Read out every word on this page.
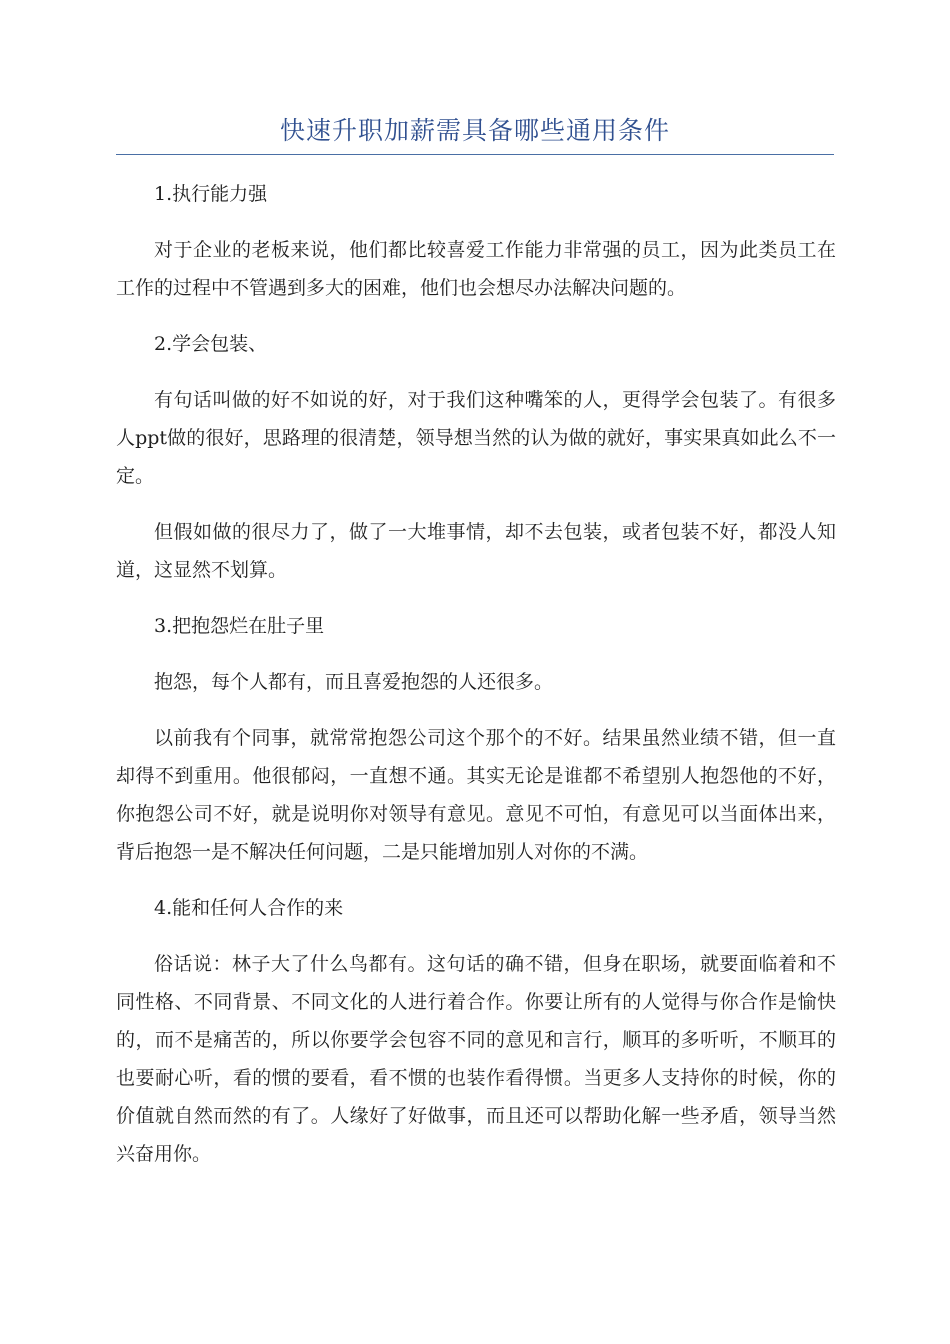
快速升职加薪需具备哪些通用条件

1.执行能力强

对于企业的老板来说，他们都比较喜爱工作能力非常强的员工，因为此类员工在工作的过程中不管遇到多大的困难，他们也会想尽办法解决问题的。

2.学会包装、

有句话叫做的好不如说的好，对于我们这种嘴笨的人，更得学会包装了。有很多人ppt做的很好，思路理的很清楚，领导想当然的认为做的就好，事实果真如此么不一定。

但假如做的很尽力了，做了一大堆事情，却不去包装，或者包装不好，都没人知道，这显然不划算。

3.把抱怨烂在肚子里

抱怨，每个人都有，而且喜爱抱怨的人还很多。

以前我有个同事，就常常抱怨公司这个那个的不好。结果虽然业绩不错，但一直却得不到重用。他很郁闷，一直想不通。其实无论是谁都不希望别人抱怨他的不好，你抱怨公司不好，就是说明你对领导有意见。意见不可怕，有意见可以当面体出来，背后抱怨一是不解决任何问题，二是只能增加别人对你的不满。

4.能和任何人合作的来

俗话说：林子大了什么鸟都有。这句话的确不错，但身在职场，就要面临着和不同性格、不同背景、不同文化的人进行着合作。你要让所有的人觉得与你合作是愉快的，而不是痛苦的，所以你要学会包容不同的意见和言行，顺耳的多听听，不顺耳的也要耐心听，看的惯的要看，看不惯的也装作看得惯。当更多人支持你的时候，你的价值就自然而然的有了。人缘好了好做事，而且还可以帮助化解一些矛盾，领导当然兴奋用你。
